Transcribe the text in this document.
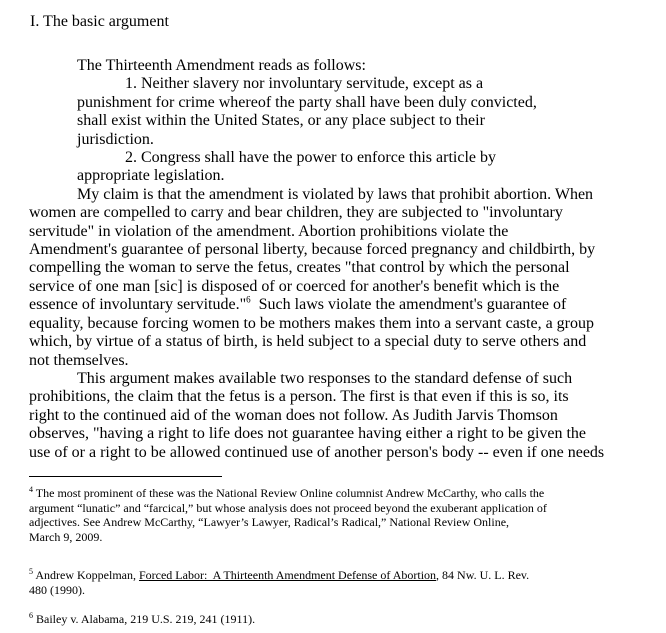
I. The basic argument

The Thirteenth Amendment reads as follows:

1. Neither slavery nor involuntary servitude, except as a
punishment for crime whereof the party shall have been duly convicted,
shall exist within the United States, or any place subject to their
jurisdiction.
2. Congress shall have the power to enforce this article by
appropriate legislation.
My claim is that the amendment is violated by laws that prohibit abortion. When
women are compelled to carry and bear children, they are subjected to "involuntary
servitude" in violation of the amendment. Abortion prohibitions violate the
Amendment's guarantee of personal liberty, because forced pregnancy and childbirth, by
compelling the woman to serve the fetus, creates "that control by which the personal
service of one man [sic] is disposed of or coerced for another's benefit which is the
essence of involuntary servitude."$^6$  Such laws violate the amendment's guarantee of
equality, because forcing women to be mothers makes them into a servant caste, a group
which, by virtue of a status of birth, is held subject to a special duty to serve others and
not themselves.
This argument makes available two responses to the standard defense of such
prohibitions, the claim that the fetus is a person. The first is that even if this is so, its
right to the continued aid of the woman does not follow. As Judith Jarvis Thomson
observes, "having a right to life does not guarantee having either a right to be given the
use of or a right to be allowed continued use of another person's body -- even if one needs
$^4$ The most prominent of these was the National Review Online columnist Andrew McCarthy, who calls the
argument “lunatic” and “farcical,” but whose analysis does not proceed beyond the exuberant application of
adjectives. See Andrew McCarthy, “Lawyer’s Lawyer, Radical’s Radical,” National Review Online,
March 9, 2009.
$^5$ Andrew Koppelman, Forced Labor:  A Thirteenth Amendment Defense of Abortion, 84 Nw. U. L. Rev.
480 (1990).
$^6$ Bailey v. Alabama, 219 U.S. 219, 241 (1911).
